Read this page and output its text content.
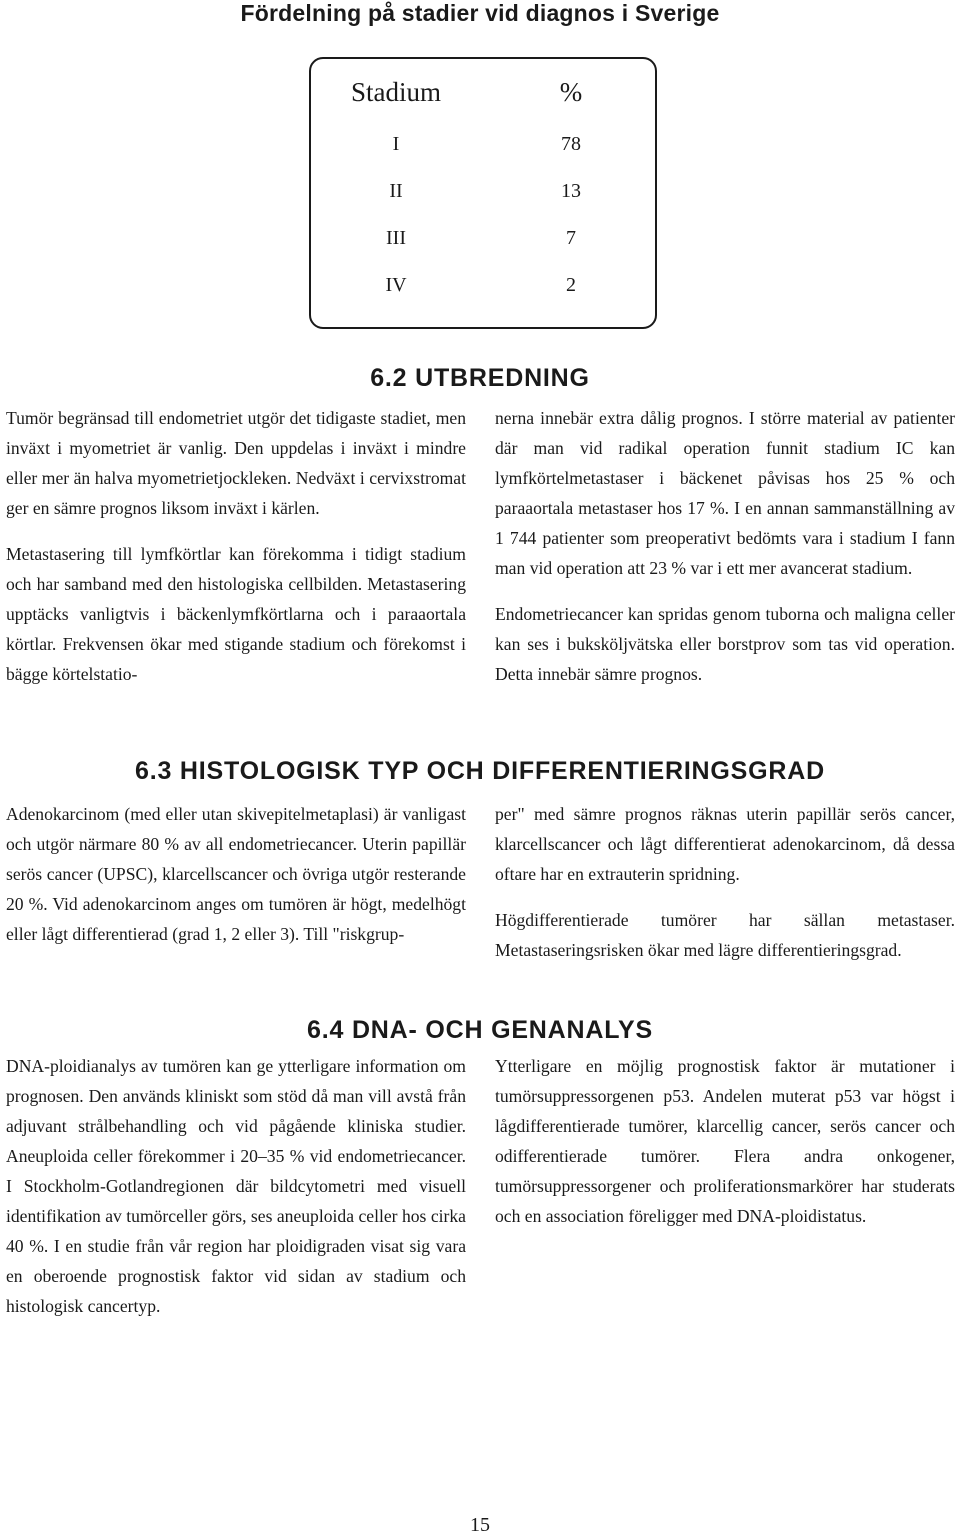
Fördelning på stadier vid diagnos i Sverige
Stadium	%
I	78
II	13
III	7
IV	2
6.2 UTBREDNING

Tumör begränsad till endometriet utgör det tidigaste stadiet, men inväxt i myometriet är vanlig. Den uppdelas i inväxt i mindre eller mer än halva myometrietjockleken. Nedväxt i cervixstromat ger en sämre prognos liksom inväxt i kärlen.

Metastasering till lymfkörtlar kan förekomma i tidigt stadium och har samband med den histologiska cellbilden. Metastasering upptäcks vanligtvis i bäckenlymfkörtlarna och i paraaortala körtlar. Frekvensen ökar med stigande stadium och förekomst i bägge körtelstatio-

nerna innebär extra dålig prognos. I större material av patienter där man vid radikal operation funnit stadium IC kan lymfkörtelmetastaser i bäckenet påvisas hos 25 % och paraaortala metastaser hos 17 %. I en annan sammanställning av 1 744 patienter som preoperativt bedömts vara i stadium I fann man vid operation att 23 % var i ett mer avancerat stadium.

Endometriecancer kan spridas genom tuborna och maligna celler kan ses i buksköljvätska eller borstprov som tas vid operation. Detta innebär sämre prognos.

6.3 HISTOLOGISK TYP OCH DIFFERENTIERINGSGRAD

Adenokarcinom (med eller utan skivepitelmetaplasi) är vanligast och utgör närmare 80 % av all endometriecancer. Uterin papillär serös cancer (UPSC), klarcellscancer och övriga utgör resterande 20 %. Vid adenokarcinom anges om tumören är högt, medelhögt eller lågt differentierad (grad 1, 2 eller 3). Till "riskgrup-

per" med sämre prognos räknas uterin papillär serös cancer, klarcellscancer och lågt differentierat adenokarcinom, då dessa oftare har en extrauterin spridning.

Högdifferentierade tumörer har sällan metastaser. Metastaseringsrisken ökar med lägre differentieringsgrad.

6.4 DNA- OCH GENANALYS

DNA-ploidianalys av tumören kan ge ytterligare information om prognosen. Den används kliniskt som stöd då man vill avstå från adjuvant strålbehandling och vid pågående kliniska studier. Aneuploida celler förekommer i 20–35 % vid endometriecancer. I Stockholm-Gotlandregionen där bildcytometri med visuell identifikation av tumörceller görs, ses aneuploida celler hos cirka 40 %. I en studie från vår region har ploidigraden visat sig vara en oberoende prognostisk faktor vid sidan av stadium och histologisk cancertyp.

Ytterligare en möjlig prognostisk faktor är mutationer i tumörsuppressorgenen p53. Andelen muterat p53 var högst i lågdifferentierade tumörer, klarcellig cancer, serös cancer och odifferentierade tumörer. Flera andra onkogener, tumörsuppressorgener och proliferationsmarkörer har studerats och en association föreligger med DNA-ploidistatus.

15
